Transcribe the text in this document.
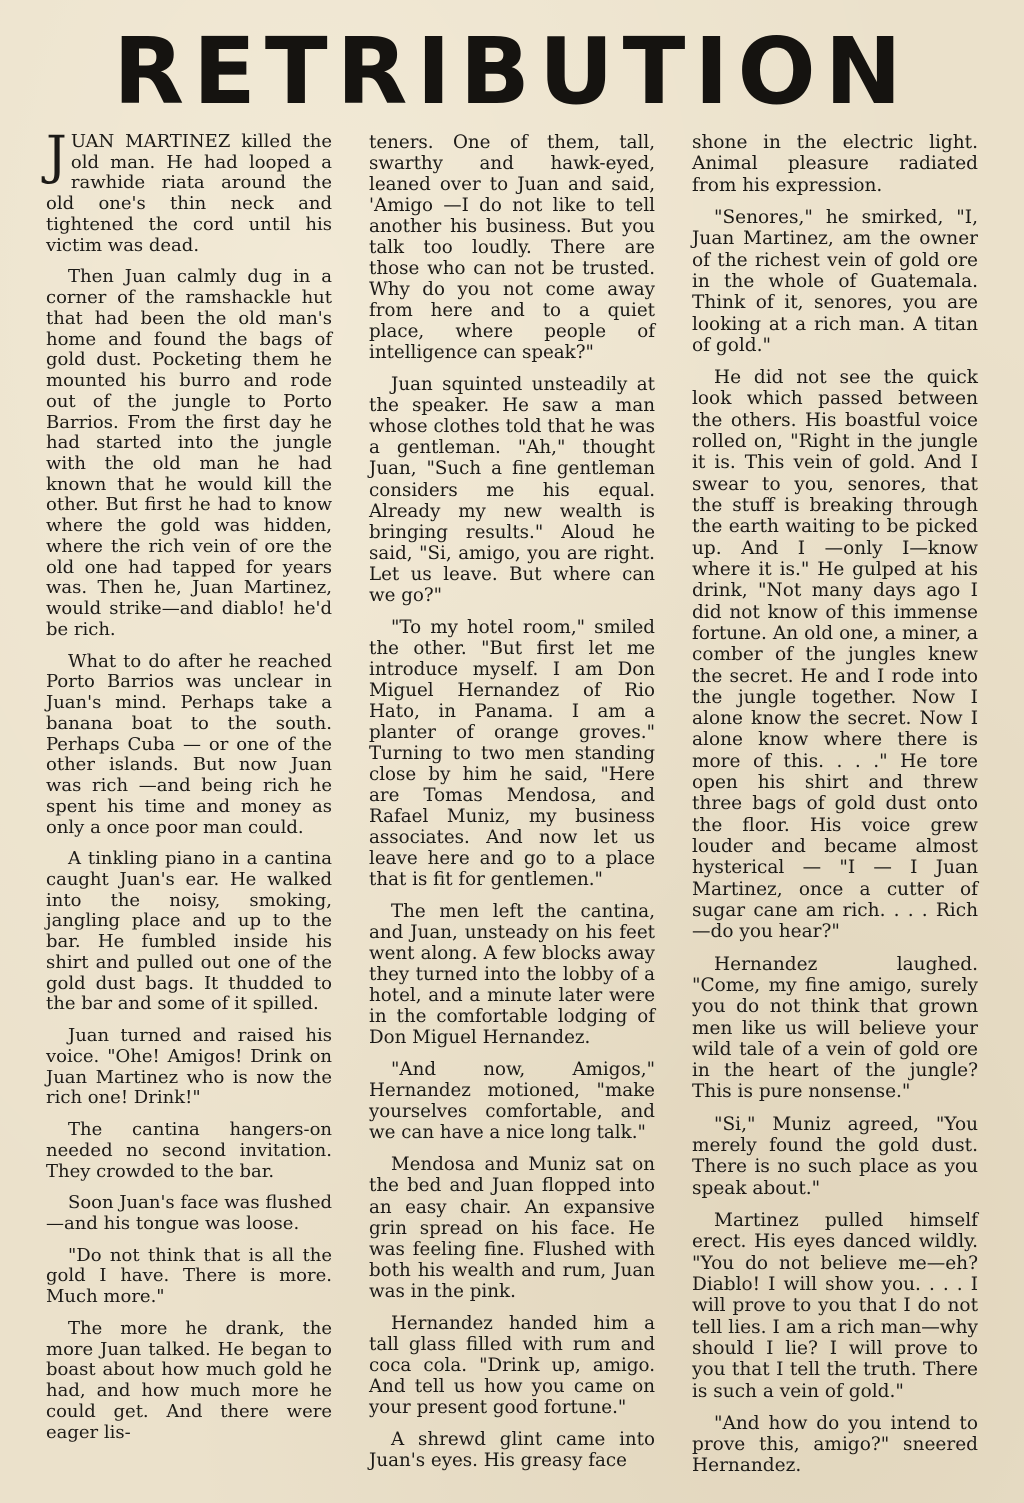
RETRIBUTION

JUAN MARTINEZ killed the old man. He had looped a rawhide riata around the old one's thin neck and tightened the cord until his victim was dead.

Then Juan calmly dug in a corner of the ramshackle hut that had been the old man's home and found the bags of gold dust. Pocketing them he mounted his burro and rode out of the jungle to Porto Barrios. From the first day he had started into the jungle with the old man he had known that he would kill the other. But first he had to know where the gold was hidden, where the rich vein of ore the old one had tapped for years was. Then he, Juan Martinez, would strike—and diablo! he'd be rich.

What to do after he reached Porto Barrios was unclear in Juan's mind. Perhaps take a banana boat to the south. Perhaps Cuba — or one of the other islands. But now Juan was rich —and being rich he spent his time and money as only a once poor man could.

A tinkling piano in a cantina caught Juan's ear. He walked into the noisy, smoking, jangling place and up to the bar. He fumbled inside his shirt and pulled out one of the gold dust bags. It thudded to the bar and some of it spilled.

Juan turned and raised his voice. "Ohe! Amigos! Drink on Juan Martinez who is now the rich one! Drink!"

The cantina hangers-on needed no second invitation. They crowded to the bar.

Soon Juan's face was flushed —and his tongue was loose.

"Do not think that is all the gold I have. There is more. Much more."

The more he drank, the more Juan talked. He began to boast about how much gold he had, and how much more he could get. And there were eager lis-

teners. One of them, tall, swarthy and hawk-eyed, leaned over to Juan and said, 'Amigo —I do not like to tell another his business. But you talk too loudly. There are those who can not be trusted. Why do you not come away from here and to a quiet place, where people of intelligence can speak?"

Juan squinted unsteadily at the speaker. He saw a man whose clothes told that he was a gentleman. "Ah," thought Juan, "Such a fine gentleman considers me his equal. Already my new wealth is bringing results." Aloud he said, "Si, amigo, you are right. Let us leave. But where can we go?"

"To my hotel room," smiled the other. "But first let me introduce myself. I am Don Miguel Hernandez of Rio Hato, in Panama. I am a planter of orange groves." Turning to two men standing close by him he said, "Here are Tomas Mendosa, and Rafael Muniz, my business associates. And now let us leave here and go to a place that is fit for gentlemen."

The men left the cantina, and Juan, unsteady on his feet went along. A few blocks away they turned into the lobby of a hotel, and a minute later were in the comfortable lodging of Don Miguel Hernandez.

"And now, Amigos," Hernandez motioned, "make yourselves comfortable, and we can have a nice long talk."

Mendosa and Muniz sat on the bed and Juan flopped into an easy chair. An expansive grin spread on his face. He was feeling fine. Flushed with both his wealth and rum, Juan was in the pink.

Hernandez handed him a tall glass filled with rum and coca cola. "Drink up, amigo. And tell us how you came on your present good fortune."

A shrewd glint came into Juan's eyes. His greasy face

shone in the electric light. Animal pleasure radiated from his expression.

"Senores," he smirked, "I, Juan Martinez, am the owner of the richest vein of gold ore in the whole of Guatemala. Think of it, senores, you are looking at a rich man. A titan of gold."

He did not see the quick look which passed between the others. His boastful voice rolled on, "Right in the jungle it is. This vein of gold. And I swear to you, senores, that the stuff is breaking through the earth waiting to be picked up. And I —only I—know where it is." He gulped at his drink, "Not many days ago I did not know of this immense fortune. An old one, a miner, a comber of the jungles knew the secret. He and I rode into the jungle together. Now I alone know the secret. Now I alone know where there is more of this. . . ." He tore open his shirt and threw three bags of gold dust onto the floor. His voice grew louder and became almost hysterical — "I — I Juan Martinez, once a cutter of sugar cane am rich. . . . Rich—do you hear?"

Hernandez laughed. "Come, my fine amigo, surely you do not think that grown men like us will believe your wild tale of a vein of gold ore in the heart of the jungle? This is pure nonsense."

"Si," Muniz agreed, "You merely found the gold dust. There is no such place as you speak about."

Martinez pulled himself erect. His eyes danced wildly. "You do not believe me—eh? Diablo! I will show you. . . . I will prove to you that I do not tell lies. I am a rich man—why should I lie? I will prove to you that I tell the truth. There is such a vein of gold."

"And how do you intend to prove this, amigo?" sneered Hernandez.
